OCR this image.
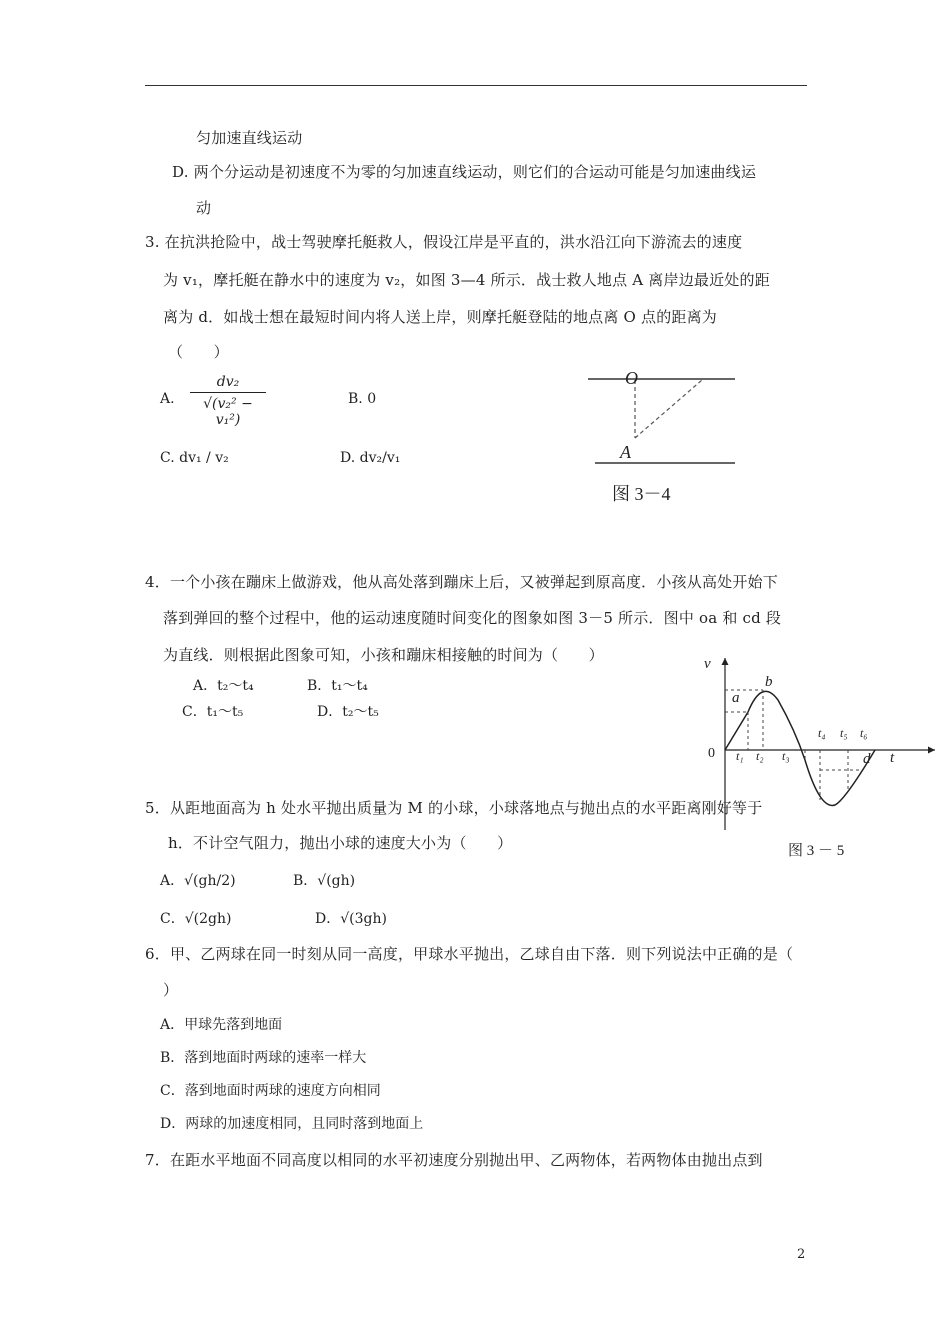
匀加速直线运动
D. 两个分运动是初速度不为零的匀加速直线运动，则它们的合运动可能是匀加速曲线运
动
3. 在抗洪抢险中，战士驾驶摩托艇救人，假设江岸是平直的，洪水沿江向下游流去的速度
为 v₁，摩托艇在静水中的速度为 v₂，如图 3—4 所示．战士救人地点 A 离岸边最近处的距
离为 d．如战士想在最短时间内将人送上岸，则摩托艇登陆的地点离 O 点的距离为
（　　）
A. $\frac{\text{dv₂}}{\text{√(v₂² − v₁²)}}$	B. 0
C. dv₁ / v₂	D. dv₂/v₁
O
A
图 3－4
4．一个小孩在蹦床上做游戏，他从高处落到蹦床上后，又被弹起到原高度．小孩从高处开始下
落到弹回的整个过程中，他的运动速度随时间变化的图象如图 3－5 所示．图中 oa 和 cd 段
为直线．则根据此图象可知，小孩和蹦床相接触的时间为（　　）
A．t₂～t₄	B．t₁～t₄
C．t₁～t₅	D．t₂～t₅
v
t
0
a
b
d
t₁ t₂ t₃
t₄ t₅ t₆
图 3 － 5
5．从距地面高为 h 处水平抛出质量为 M 的小球，小球落地点与抛出点的水平距离刚好等于
h．不计空气阻力，抛出小球的速度大小为（　　）
A．√(gh/2)	B．√(gh)
C．√(2gh)	D．√(3gh)
6．甲、乙两球在同一时刻从同一高度，甲球水平抛出，乙球自由下落．则下列说法中正确的是（
）
A．甲球先落到地面
B．落到地面时两球的速率一样大
C．落到地面时两球的速度方向相同
D．两球的加速度相同，且同时落到地面上
7．在距水平地面不同高度以相同的水平初速度分别抛出甲、乙两物体，若两物体由抛出点到
2
